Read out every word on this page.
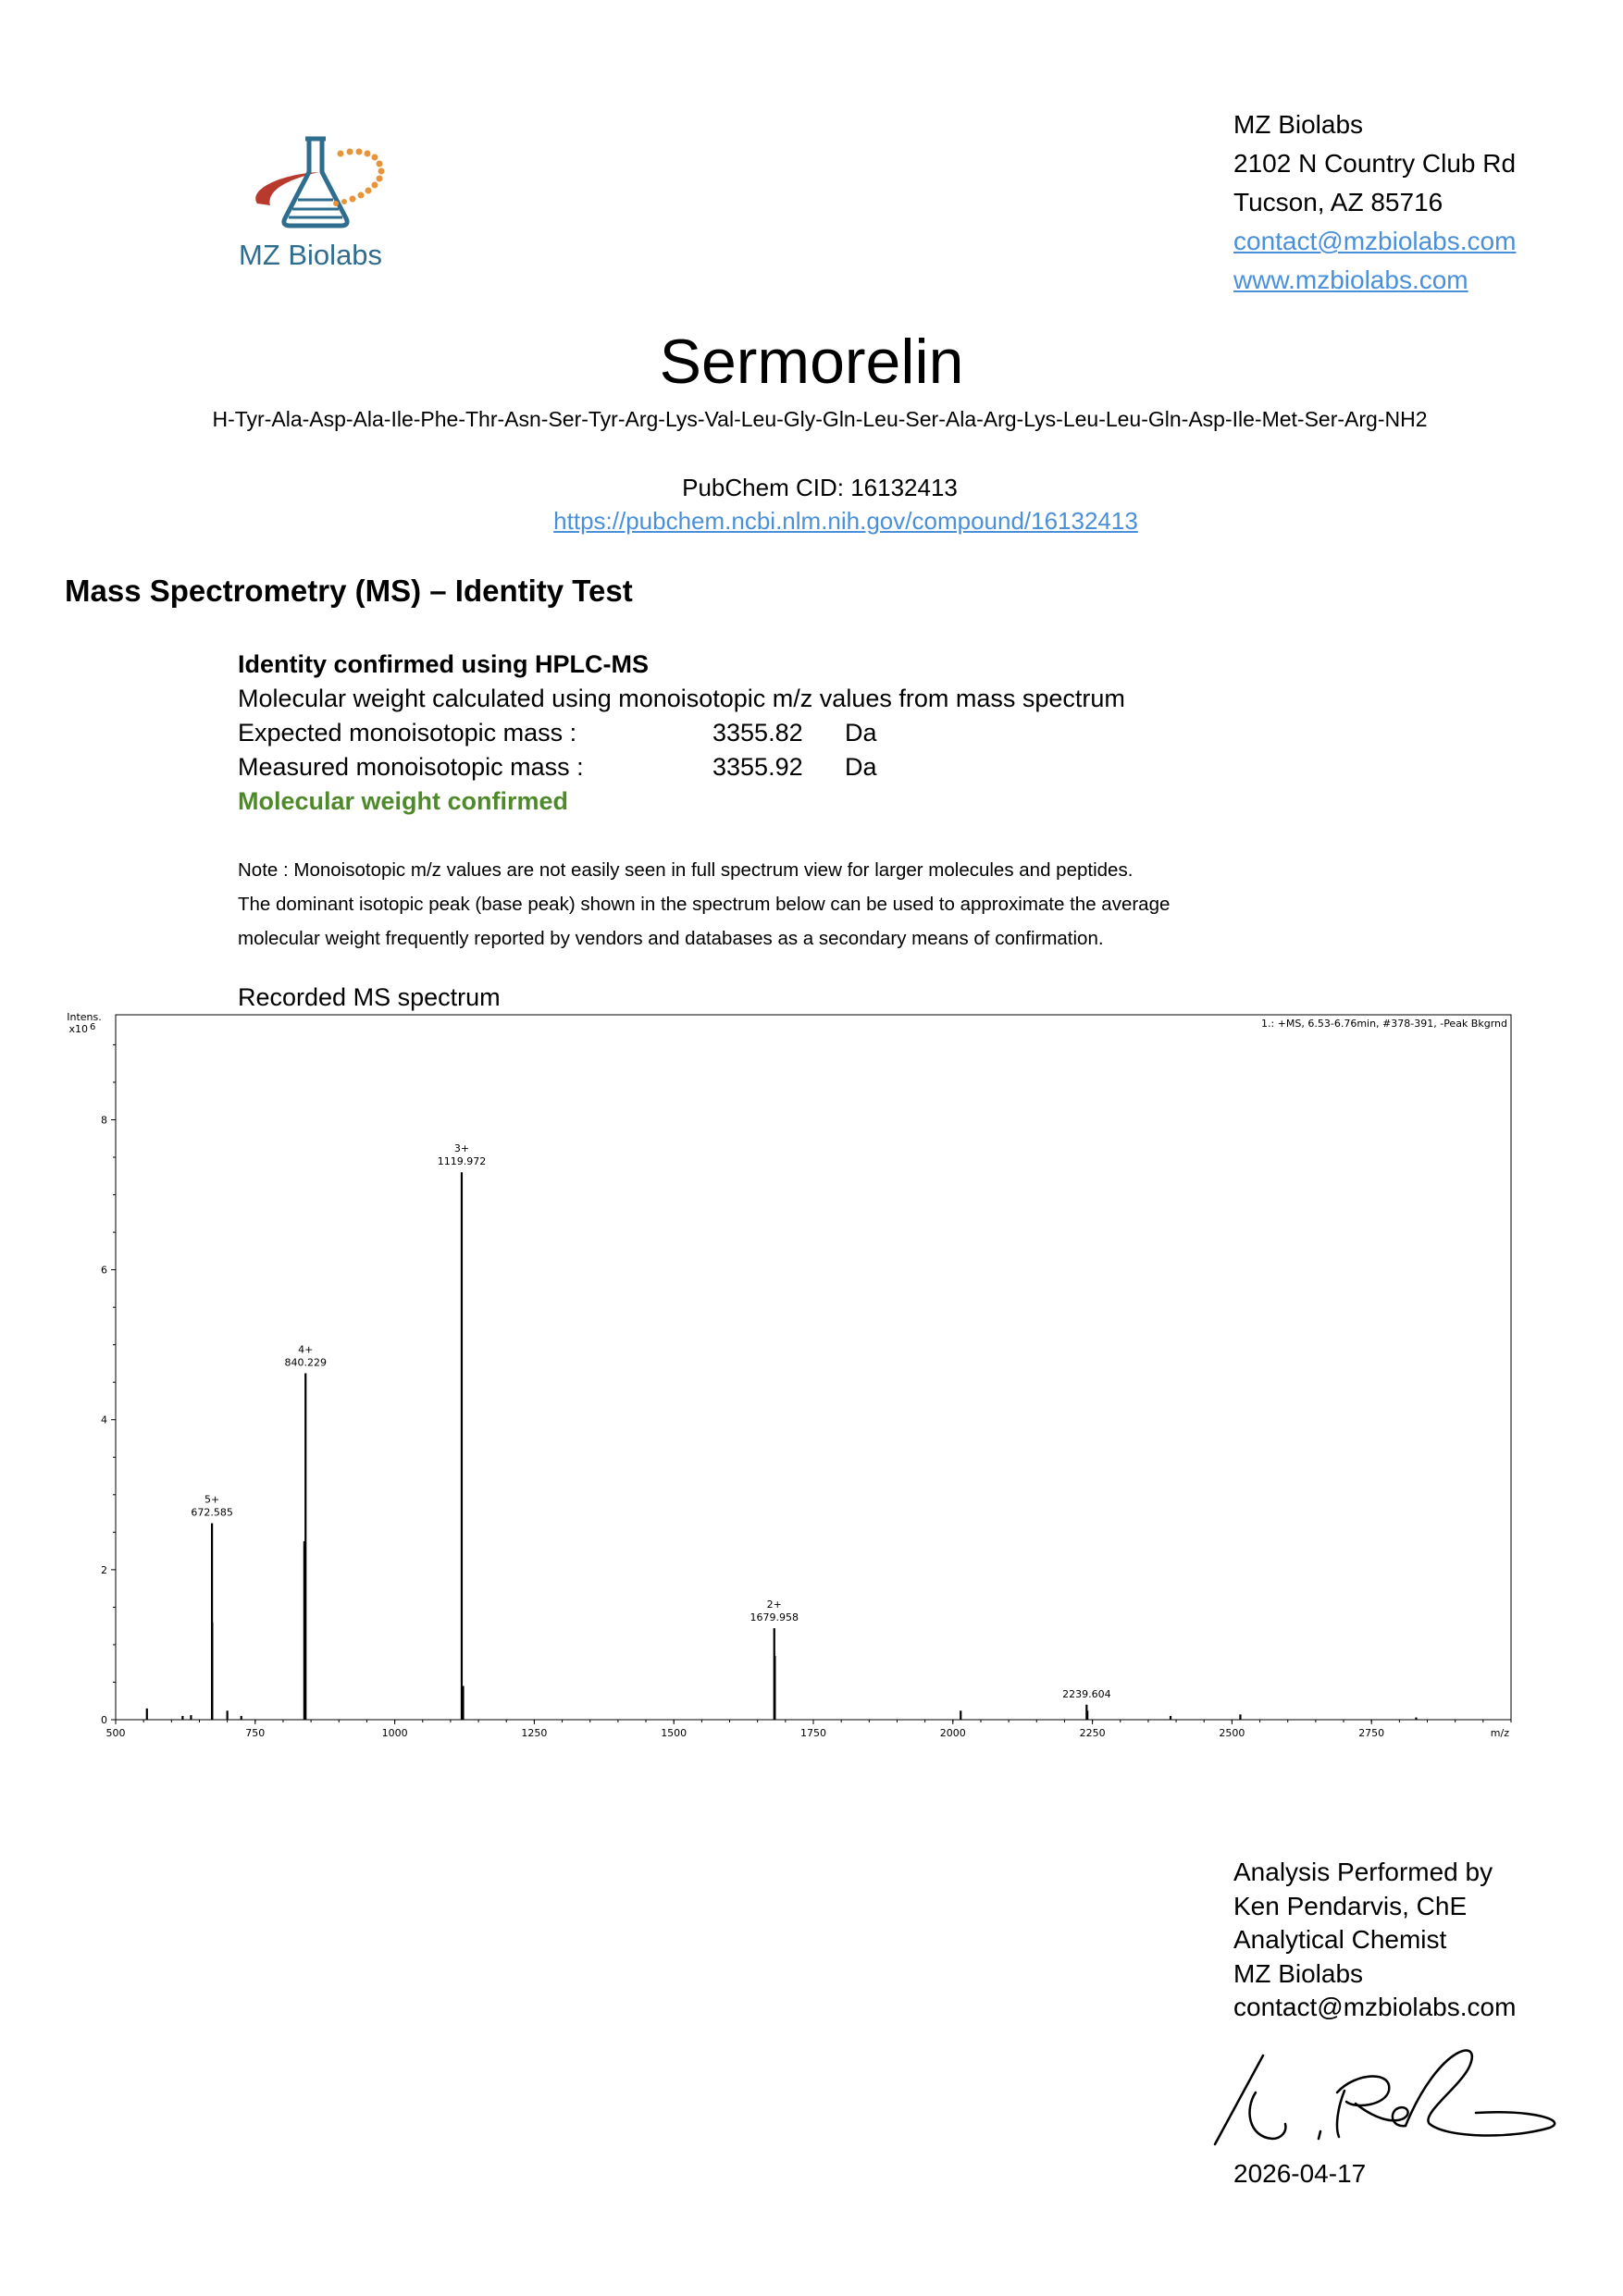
MZ Biolabs
MZ Biolabs
2102 N Country Club Rd
Tucson, AZ 85716
contact@mzbiolabs.com
www.mzbiolabs.com
Sermorelin
H-Tyr-Ala-Asp-Ala-Ile-Phe-Thr-Asn-Ser-Tyr-Arg-Lys-Val-Leu-Gly-Gln-Leu-Ser-Ala-Arg-Lys-Leu-Leu-Gln-Asp-Ile-Met-Ser-Arg-NH2
PubChem CID: 16132413
https://pubchem.ncbi.nlm.nih.gov/compound/16132413
Mass Spectrometry (MS) – Identity Test
Identity confirmed using HPLC-MS
Molecular weight calculated using monoisotopic m/z values from mass spectrum
Expected monoisotopic mass :	3355.82 Da
Measured monoisotopic mass :	3355.92 Da
Molecular weight confirmed
Note : Monoisotopic m/z values are not easily seen in full spectrum view for larger molecules and peptides.
The dominant isotopic peak (base peak) shown in the spectrum below can be used to approximate the average
molecular weight frequently reported by vendors and databases as a secondary means of confirmation.
Recorded MS spectrum
1.: +MS, 6.53-6.76min, #378-391, -Peak Bkgrnd
Intens.
x10 6
0
2
4
6
8
500	750	1000	1250	1500	1750	2000	2250	2500	2750	m/z
672.585
5+
840.229
4+
1119.972
3+
1679.958
2+
2239.604
Analysis Performed by
Ken Pendarvis, ChE
Analytical Chemist
MZ Biolabs
contact@mzbiolabs.com
2026-04-17
